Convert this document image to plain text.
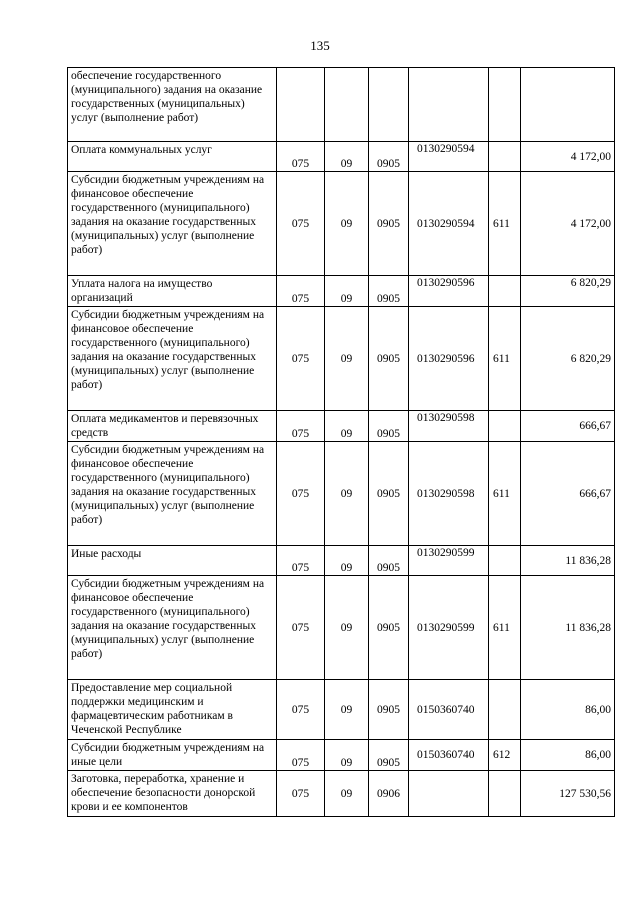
135
обеспечение государственного (муниципального) задания на оказание государственных (муниципальных) услуг (выполнение работ)						
Оплата коммунальных услуг	075	09	0905	0130290594		4 172,00
Субсидии бюджетным учреждениям на финансовое обеспечение государственного (муниципального) задания на оказание государственных (муниципальных) услуг (выполнение работ)	075	09	0905	0130290594	611	4 172,00
Уплата налога на имущество организаций	075	09	0905	0130290596		6 820,29
Субсидии бюджетным учреждениям на финансовое обеспечение государственного (муниципального) задания на оказание государственных (муниципальных) услуг (выполнение работ)	075	09	0905	0130290596	611	6 820,29
Оплата медикаментов и перевязочных средств	075	09	0905	0130290598		666,67
Субсидии бюджетным учреждениям на финансовое обеспечение государственного (муниципального) задания на оказание государственных (муниципальных) услуг (выполнение работ)	075	09	0905	0130290598	611	666,67
Иные расходы	075	09	0905	0130290599		11 836,28
Субсидии бюджетным учреждениям на финансовое обеспечение государственного (муниципального) задания на оказание государственных (муниципальных) услуг (выполнение работ)	075	09	0905	0130290599	611	11 836,28
Предоставление мер социальной поддержки медицинским и фармацевтическим работникам в Чеченской Республике	075	09	0905	0150360740		86,00
Субсидии бюджетным учреждениям на иные цели	075	09	0905	0150360740	612	86,00
Заготовка, переработка, хранение и обеспечение безопасности донорской крови и ее компонентов	075	09	0906			127 530,56
